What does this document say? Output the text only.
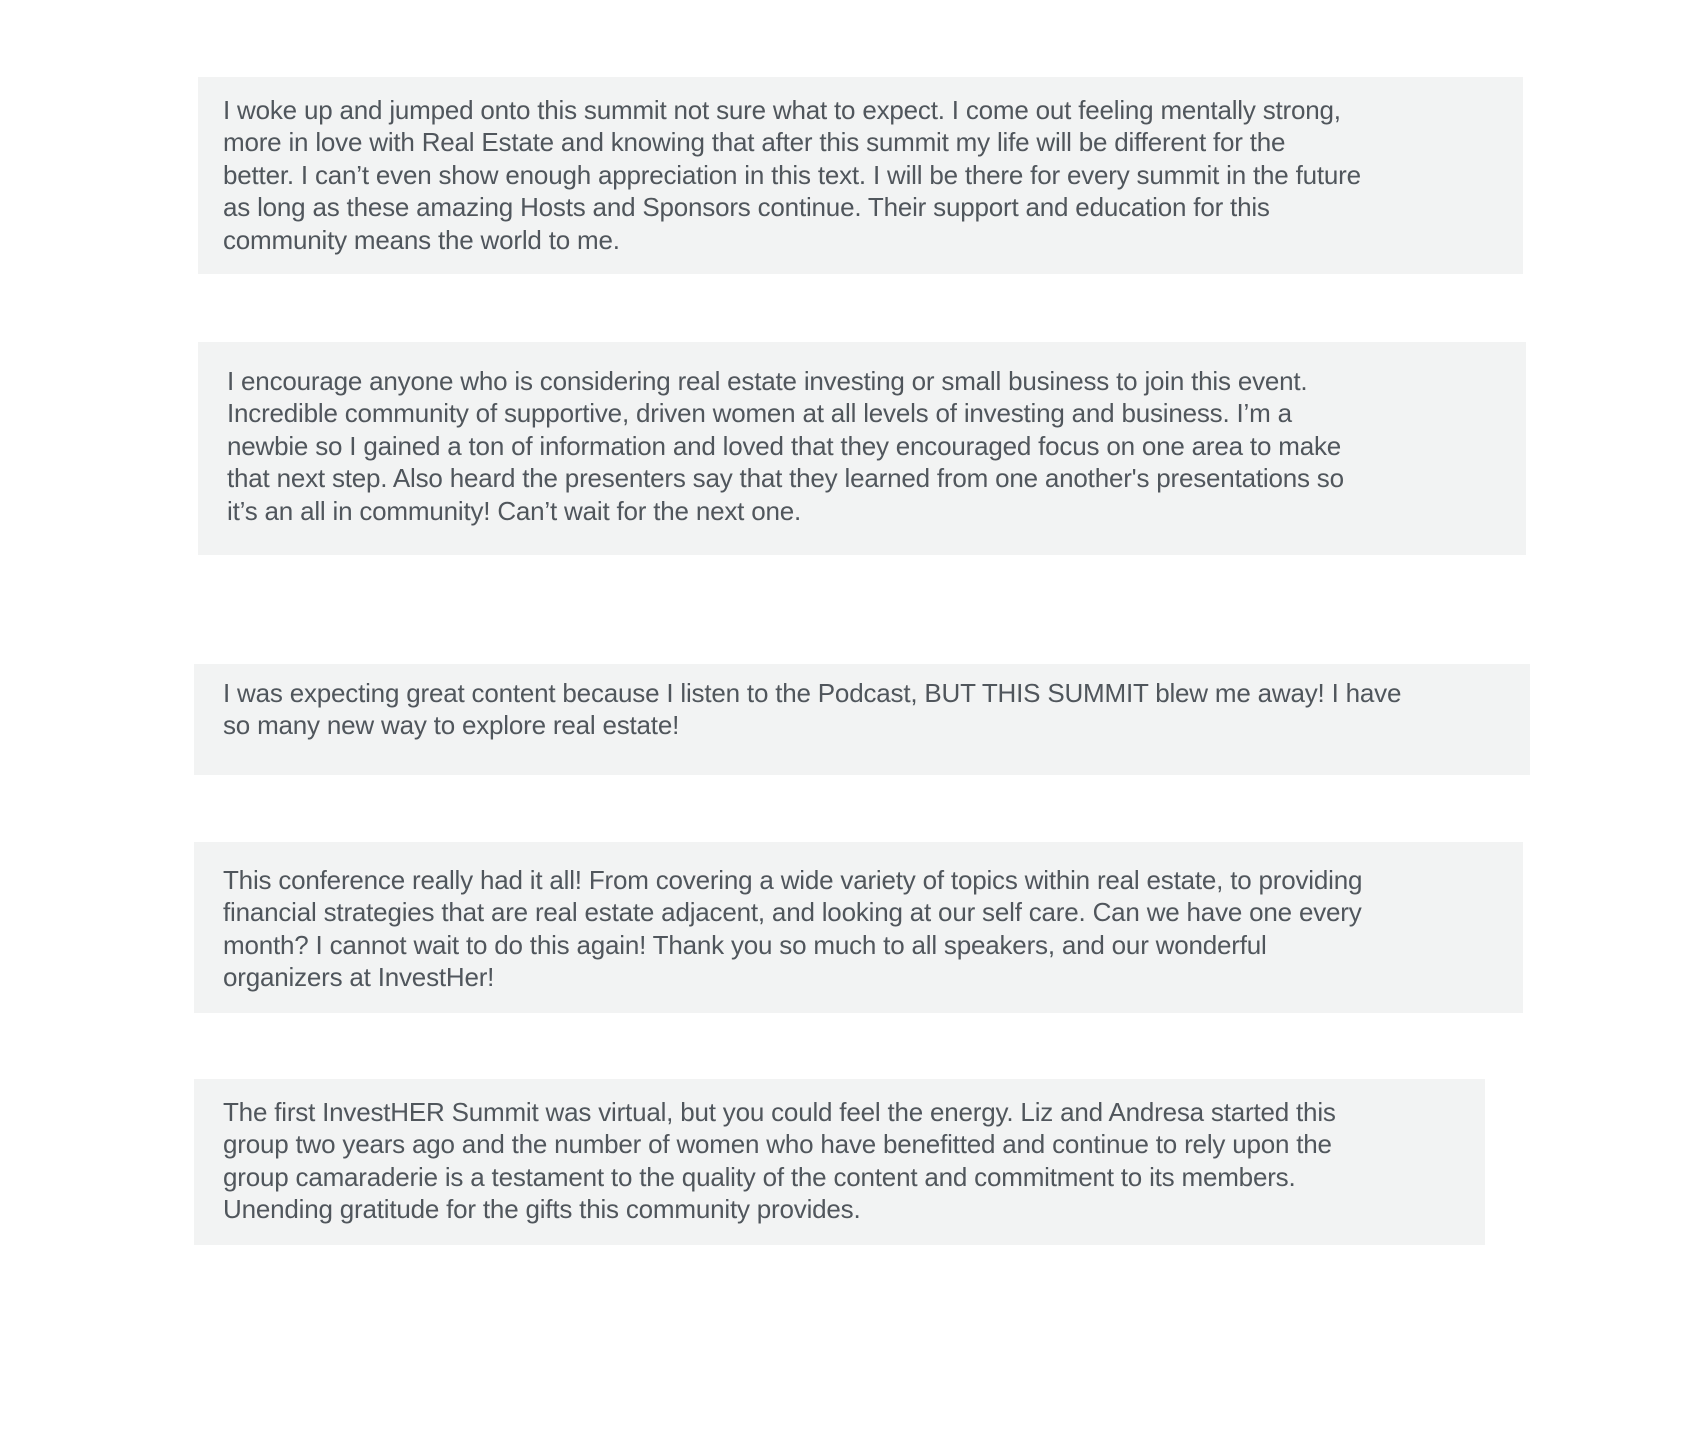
I woke up and jumped onto this summit not sure what to expect. I come out feeling mentally strong,
more in love with Real Estate and knowing that after this summit my life will be different for the
better. I can’t even show enough appreciation in this text. I will be there for every summit in the future
as long as these amazing Hosts and Sponsors continue. Their support and education for this
community means the world to me.
I encourage anyone who is considering real estate investing or small business to join this event.
Incredible community of supportive, driven women at all levels of investing and business. I’m a
newbie so I gained a ton of information and loved that they encouraged focus on one area to make
that next step. Also heard the presenters say that they learned from one another's presentations so
it’s an all in community! Can’t wait for the next one.
I was expecting great content because I listen to the Podcast, BUT THIS SUMMIT blew me away! I have
so many new way to explore real estate!
This conference really had it all! From covering a wide variety of topics within real estate, to providing
financial strategies that are real estate adjacent, and looking at our self care. Can we have one every
month? I cannot wait to do this again! Thank you so much to all speakers, and our wonderful
organizers at InvestHer!
The first InvestHER Summit was virtual, but you could feel the energy. Liz and Andresa started this
group two years ago and the number of women who have benefitted and continue to rely upon the
group camaraderie is a testament to the quality of the content and commitment to its members.
Unending gratitude for the gifts this community provides.
